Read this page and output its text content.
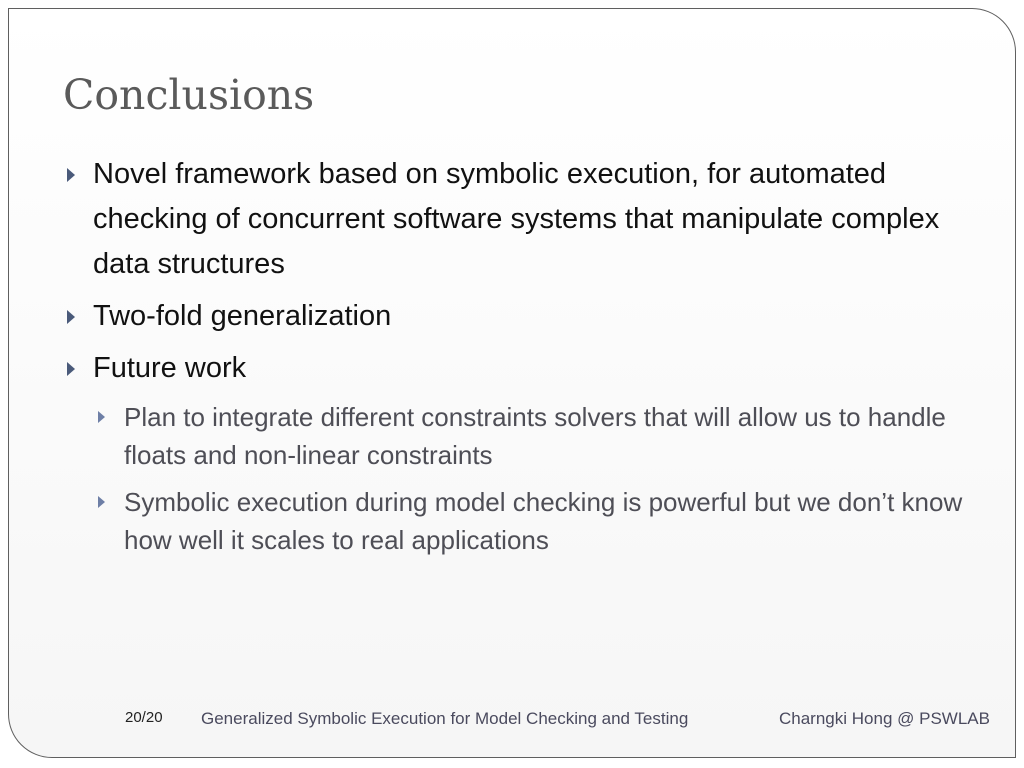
Conclusions
Novel framework based on symbolic execution, for automated checking of concurrent software systems that manipulate complex data structures
Two-fold generalization
Future work
Plan to integrate different constraints solvers that will allow us to handle floats and non-linear constraints
Symbolic execution during model checking is powerful but we don’t know how well it scales to real applications
20/20 Generalized Symbolic Execution for Model Checking and Testing	Charngki Hong @ PSWLAB
